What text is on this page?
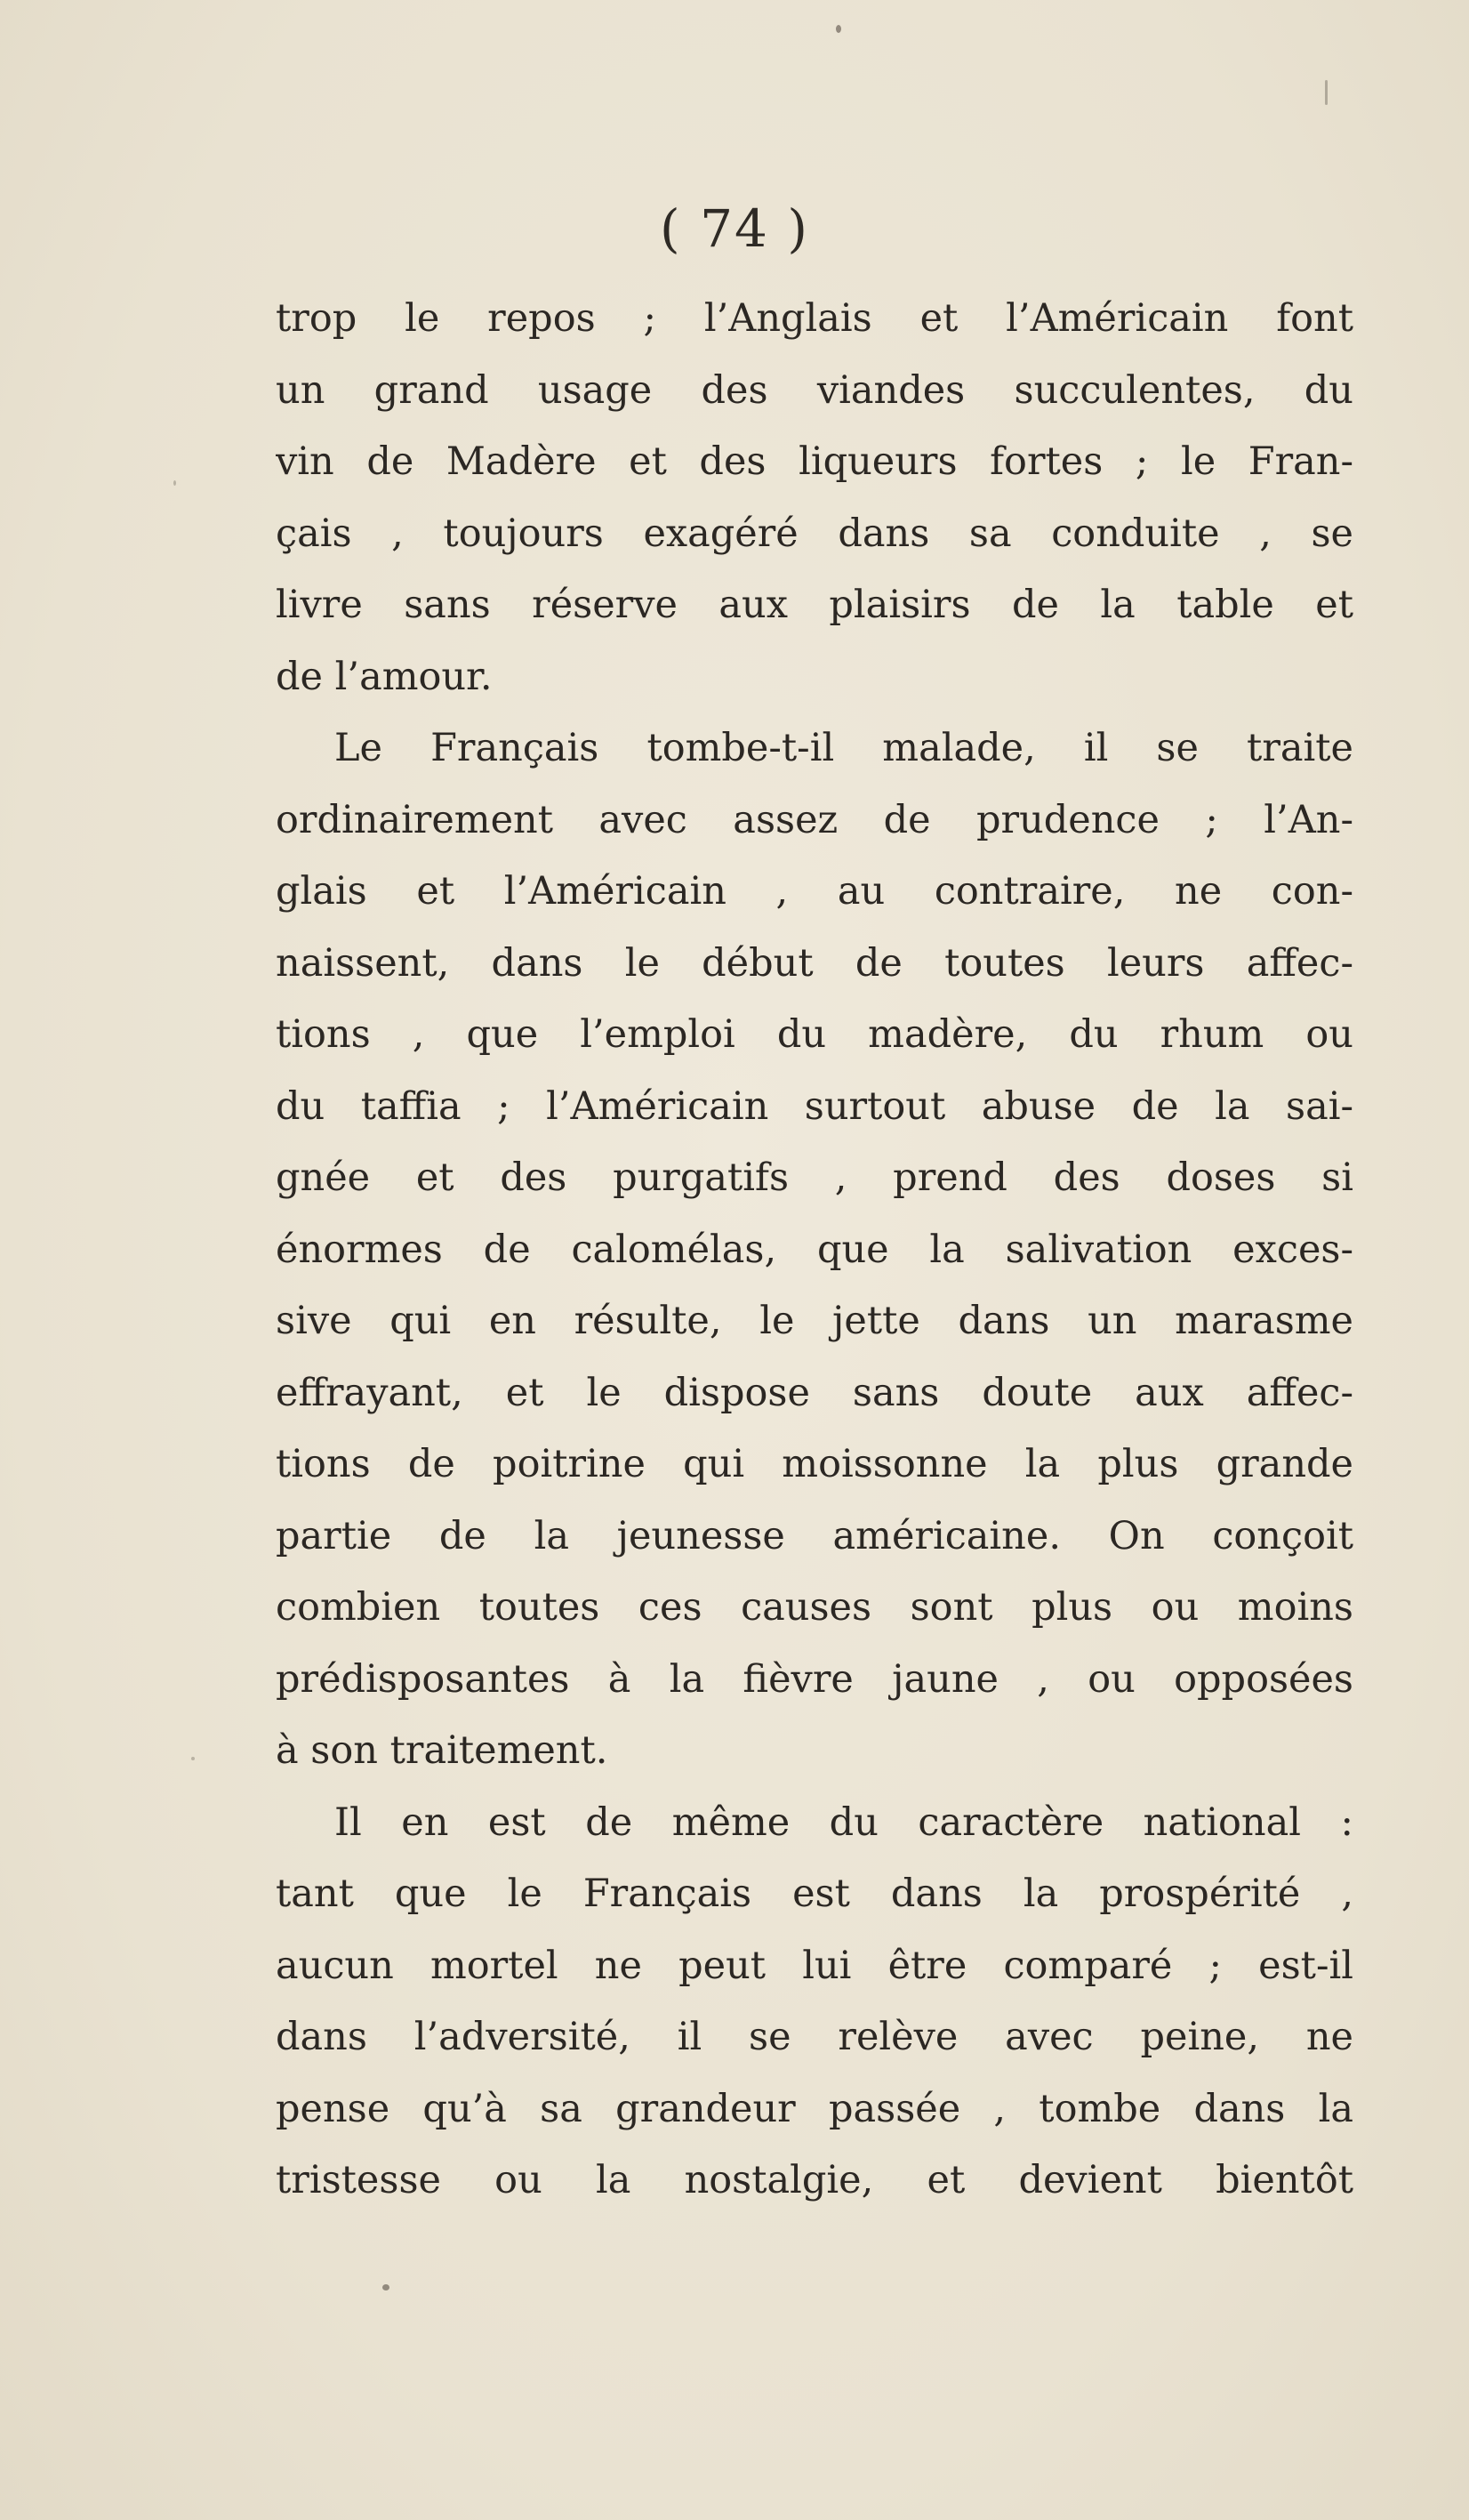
( 74 )
trop le repos ; l’Anglais et l’Américain font
un grand usage des viandes succulentes, du
vin de Madère et des liqueurs fortes ; le Fran-
çais , toujours exagéré dans sa conduite , se
livre sans réserve aux plaisirs de la table et
de l’amour.
Le Français tombe-t-il malade, il se traite
ordinairement avec assez de prudence ; l’An-
glais et l’Américain , au contraire, ne con-
naissent, dans le début de toutes leurs affec-
tions , que l’emploi du madère, du rhum ou
du taffia ; l’Américain surtout abuse de la sai-
gnée et des purgatifs , prend des doses si
énormes de calomélas, que la salivation exces-
sive qui en résulte, le jette dans un marasme
effrayant, et le dispose sans doute aux affec-
tions de poitrine qui moissonne la plus grande
partie de la jeunesse américaine. On conçoit
combien toutes ces causes sont plus ou moins
prédisposantes à la fièvre jaune , ou opposées
à son traitement.
Il en est de même du caractère national :
tant que le Français est dans la prospérité ,
aucun mortel ne peut lui être comparé ; est-il
dans l’adversité, il se relève avec peine, ne
pense qu’à sa grandeur passée , tombe dans la
tristesse ou la nostalgie, et devient bientôt
